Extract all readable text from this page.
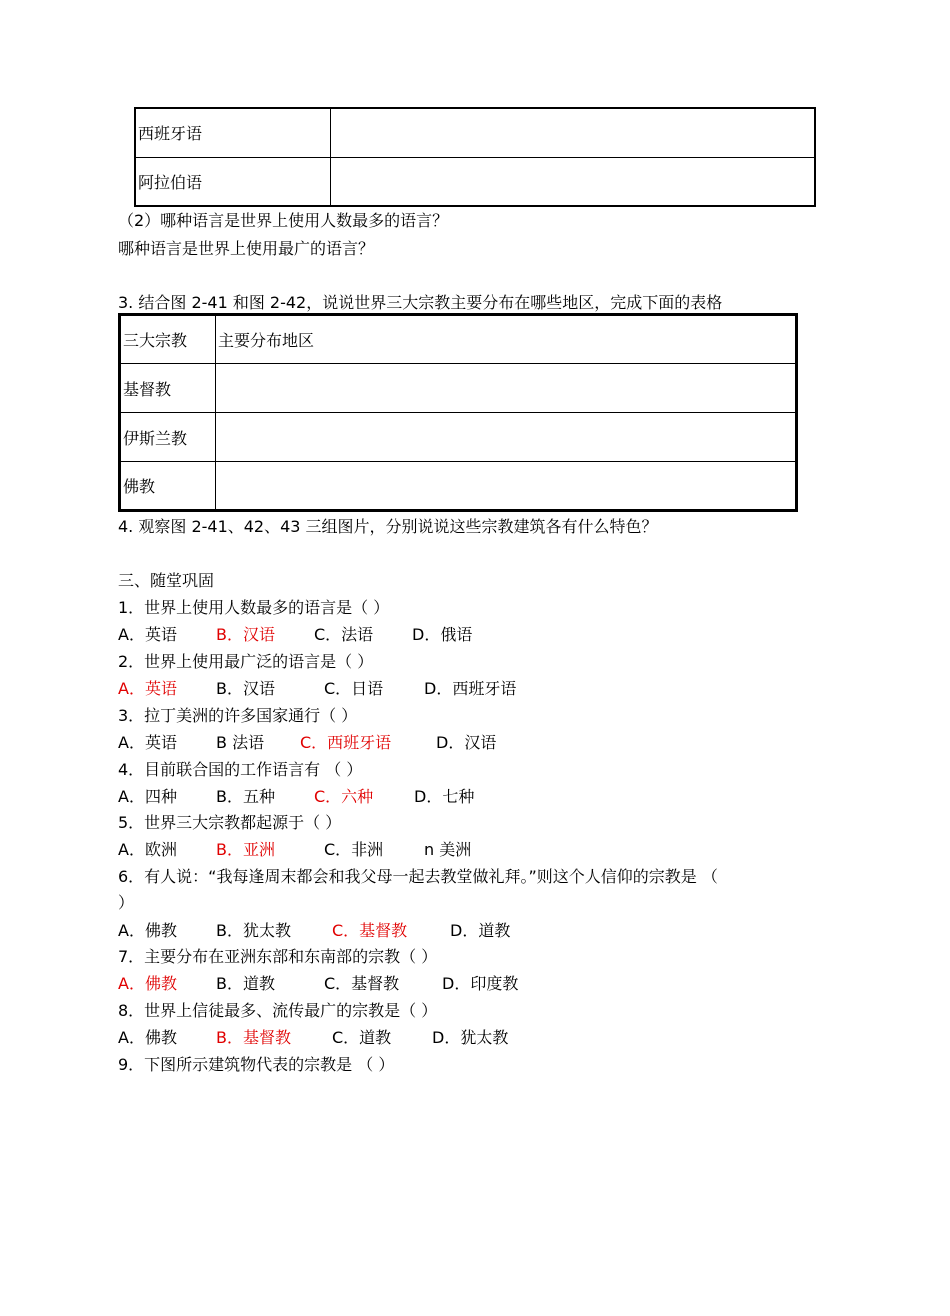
西班牙语	
阿拉伯语	
（2）哪种语言是世界上使用人数最多的语言？
哪种语言是世界上使用最广的语言？
3. 结合图 2-41 和图 2-42，说说世界三大宗教主要分布在哪些地区，完成下面的表格
三大宗教	主要分布地区
基督教	
伊斯兰教	
佛教	
4. 观察图 2-41、42、43 三组图片，分别说说这些宗教建筑各有什么特色？
三、随堂巩固
1．世界上使用人数最多的语言是（ ）
A．英语 B．汉语 C．法语 D．俄语
2．世界上使用最广泛的语言是（ ）
A．英语 B．汉语	C．日语	D．西班牙语
3．拉丁美洲的许多国家通行（ ）
A．英语 B 法语 C．西班牙语	D．汉语
4．目前联合国的工作语言有 （ ）
A．四种 B．五种 C．六种	D．七种
5．世界三大宗教都起源于（ ）
A．欧洲 B．亚洲	C．非洲	n 美洲
6．有人说：“我每逢周末都会和我父母一起去教堂做礼拜。”则这个人信仰的宗教是 （
）
A．佛教 B．犹太教	C．基督教	D．道教
7．主要分布在亚洲东部和东南部的宗教（ ）
A．佛教 B．道教	C．基督教	D．印度教
8．世界上信徒最多、流传最广的宗教是（ ）
A．佛教 B．基督教	C．道教	D．犹太教
9．下图所示建筑物代表的宗教是 （ ）
